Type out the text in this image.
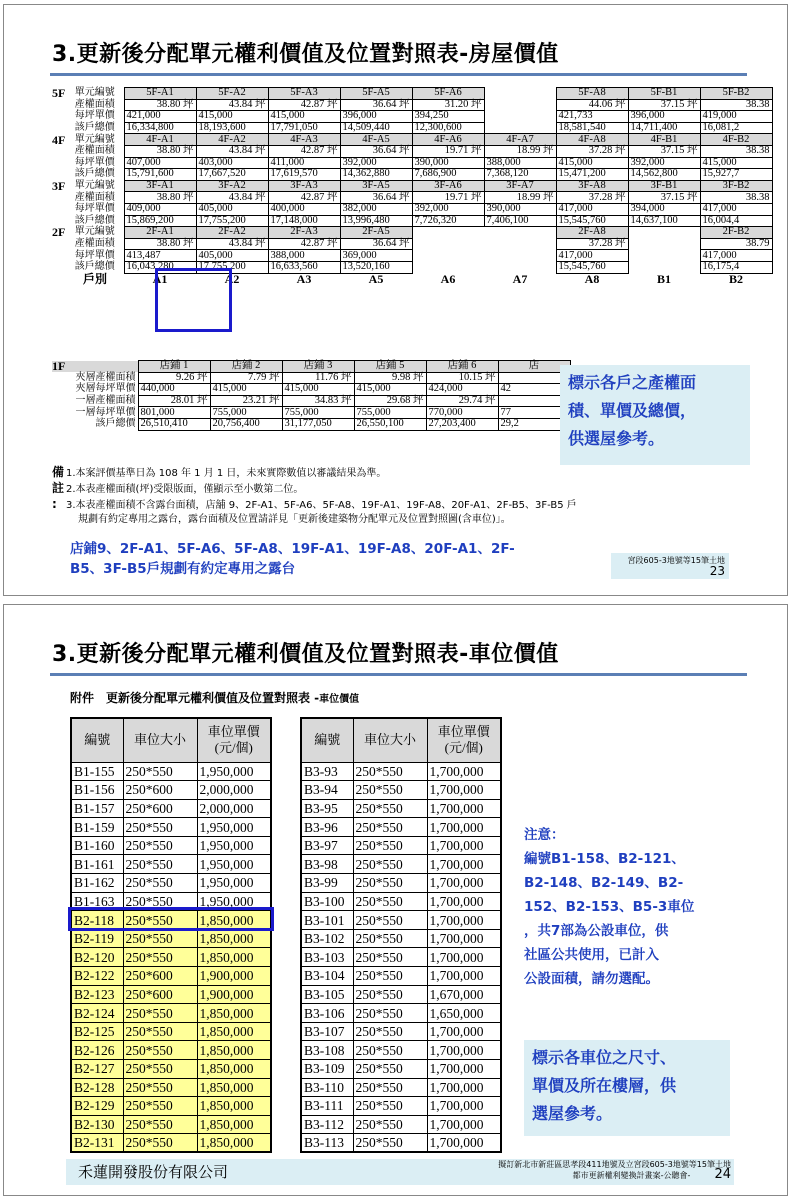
3.更新後分配單元權利價值及位置對照表-房屋價值
5F	單元編號	5F-A1	5F-A2	5F-A3	5F-A5	5F-A6		5F-A8	5F-B1	5F-B2
	產權面積	38.80 坪	43.84 坪	42.87 坪	36.64 坪	31.20 坪		44.06 坪	37.15 坪	38.38
	每坪單價	421,000	415,000	415,000	396,000	394,250		421,733	396,000	419,000
	該戶總價	16,334,800	18,193,600	17,791,050	14,509,440	12,300,600		18,581,540	14,711,400	16,081,2
4F	單元編號	4F-A1	4F-A2	4F-A3	4F-A5	4F-A6	4F-A7	4F-A8	4F-B1	4F-B2
	產權面積	38.80 坪	43.84 坪	42.87 坪	36.64 坪	19.71 坪	18.99 坪	37.28 坪	37.15 坪	38.38
	每坪單價	407,000	403,000	411,000	392,000	390,000	388,000	415,000	392,000	415,000
	該戶總價	15,791,600	17,667,520	17,619,570	14,362,880	7,686,900	7,368,120	15,471,200	14,562,800	15,927,7
3F	單元編號	3F-A1	3F-A2	3F-A3	3F-A5	3F-A6	3F-A7	3F-A8	3F-B1	3F-B2
	產權面積	38.80 坪	43.84 坪	42.87 坪	36.64 坪	19.71 坪	18.99 坪	37.28 坪	37.15 坪	38.38
	每坪單價	409,000	405,000	400,000	382,000	392,000	390,000	417,000	394,000	417,000
	該戶總價	15,869,200	17,755,200	17,148,000	13,996,480	7,726,320	7,406,100	15,545,760	14,637,100	16,004,4
2F	單元編號	2F-A1	2F-A2	2F-A3	2F-A5			2F-A8		2F-B2
	產權面積	38.80 坪	43.84 坪	42.87 坪	36.64 坪			37.28 坪		38.79
	每坪單價	413,487	405,000	388,000	369,000			417,000		417,000
	該戶總價	16,043,280	17,755,200	16,633,560	13,520,160			15,545,760		16,175,4
	戶別	A1	A2	A3	A5	A6	A7	A8	B1	B2
1F		店鋪 1	店鋪 2	店鋪 3	店鋪 5	店鋪 6	店
	夾層產權面積	9.26 坪	7.79 坪	11.76 坪	9.98 坪	10.15 坪	
	夾層每坪單價	440,000	415,000	415,000	415,000	424,000	42
	一層產權面積	28.01 坪	23.21 坪	34.83 坪	29.68 坪	29.74 坪	
	一層每坪單價	801,000	755,000	755,000	755,000	770,000	77
	該戶總價	26,510,410	20,756,400	31,177,050	26,550,100	27,203,400	29,2
標示各戶之產權面
積、單價及總價，
供選屋參考。
備 1.本案評價基準日為 108 年 1 月 1 日，未來實際數值以審議結果為準。
註 2.本表產權面積(坪)受限版面，僅顯示至小數第二位。
: 3.本表產權面積不含露台面積，店舖 9、2F-A1、5F-A6、5F-A8、19F-A1、19F-A8、20F-A1、2F-B5、3F-B5 戶
規劃有約定專用之露台，露台面積及位置請詳見「更新後建築物分配單元及位置對照圖(含車位)」。
店鋪9、2F-A1、5F-A6、5F-A8、19F-A1、19F-A8、20F-A1、2F-
B5、3F-B5戶規劃有約定專用之露台
宮段605-3地號等15筆土地
23
3.更新後分配單元權利價值及位置對照表-車位價值
附件　更新後分配單元權利價值及位置對照表 -車位價值
編號	車位大小	車位單價
(元/個)

B1-155	250*550	1,950,000
B1-156	250*600	2,000,000
B1-157	250*600	2,000,000
B1-159	250*550	1,950,000
B1-160	250*550	1,950,000
B1-161	250*550	1,950,000
B1-162	250*550	1,950,000
B1-163	250*550	1,950,000
B2-118	250*550	1,850,000
B2-119	250*550	1,850,000
B2-120	250*550	1,850,000
B2-122	250*600	1,900,000
B2-123	250*600	1,900,000
B2-124	250*550	1,850,000
B2-125	250*550	1,850,000
B2-126	250*550	1,850,000
B2-127	250*550	1,850,000
B2-128	250*550	1,850,000
B2-129	250*550	1,850,000
B2-130	250*550	1,850,000
B2-131	250*550	1,850,000
編號	車位大小	車位單價
(元/個)

B3-93	250*550	1,700,000
B3-94	250*550	1,700,000
B3-95	250*550	1,700,000
B3-96	250*550	1,700,000
B3-97	250*550	1,700,000
B3-98	250*550	1,700,000
B3-99	250*550	1,700,000
B3-100	250*550	1,700,000
B3-101	250*550	1,700,000
B3-102	250*550	1,700,000
B3-103	250*550	1,700,000
B3-104	250*550	1,700,000
B3-105	250*550	1,670,000
B3-106	250*550	1,650,000
B3-107	250*550	1,700,000
B3-108	250*550	1,700,000
B3-109	250*550	1,700,000
B3-110	250*550	1,700,000
B3-111	250*550	1,700,000
B3-112	250*550	1,700,000
B3-113	250*550	1,700,000
注意：
編號B1-158、B2-121、
B2-148、B2-149、B2-
152、B2-153、B5-3車位
，共7部為公設車位，供
社區公共使用，已計入
公設面積，請勿選配。
標示各車位之尺寸、
單價及所在樓層，供
選屋參考。
禾蓮開發股份有限公司	擬訂新北市新莊區思孝段411地號及立宮段605-3地號等15筆土地
都市更新權利變換計畫案-公聽會-　　　 24
